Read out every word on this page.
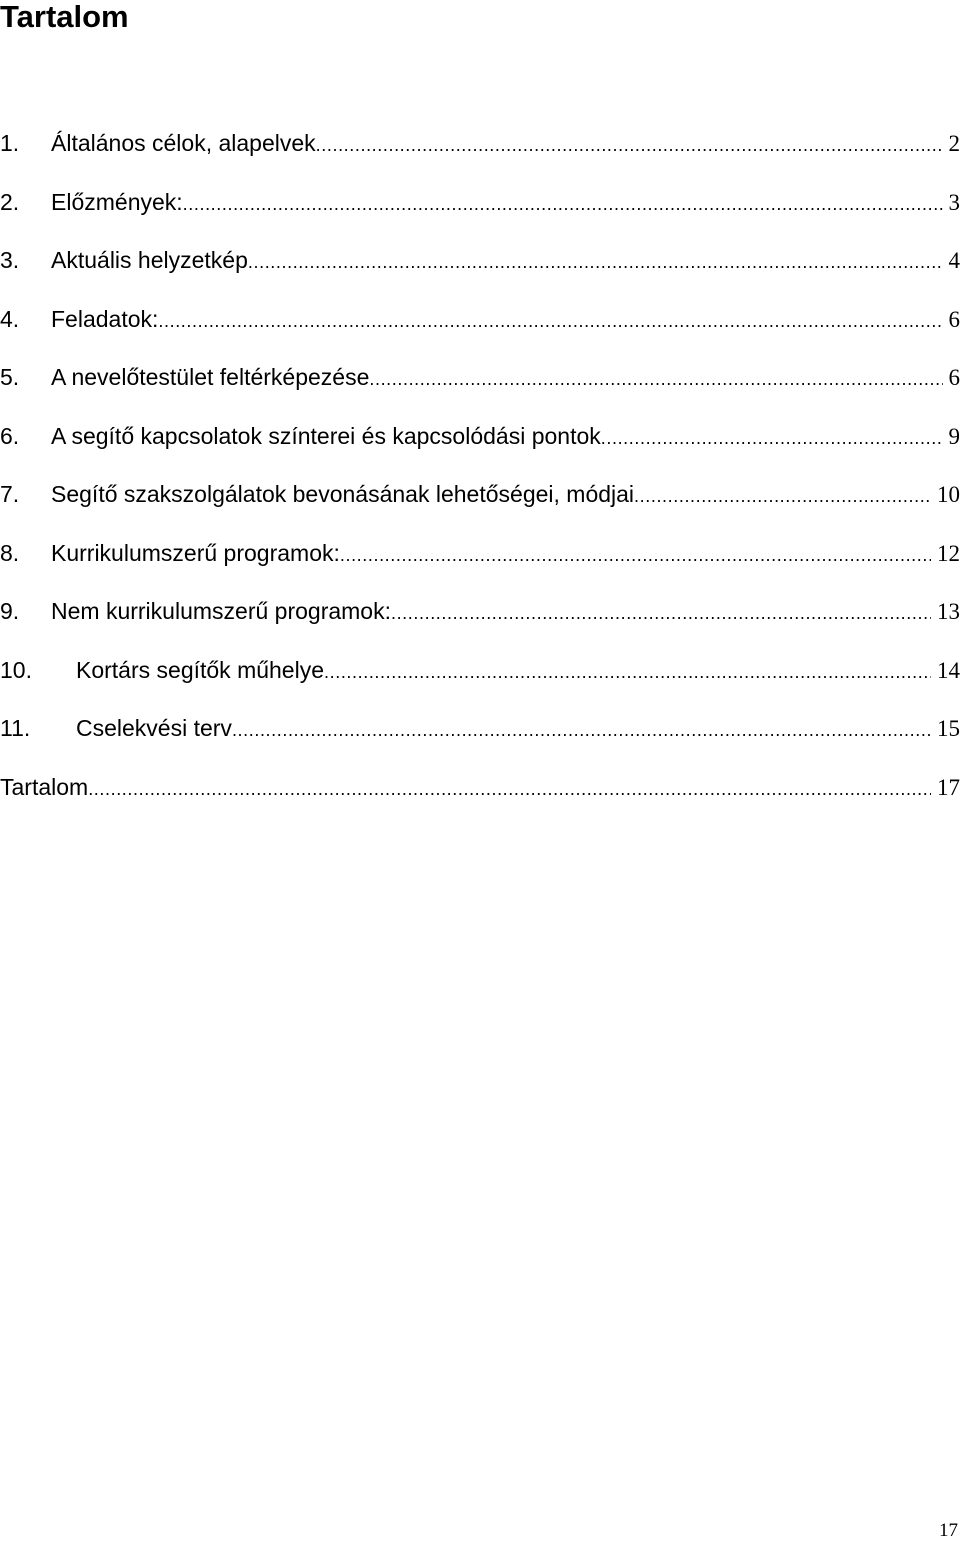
Tartalom
1.	Általános célok, alapelvek .....	2
2.	Előzmények: .....	3
3.	Aktuális helyzetkép .....	4
4.	Feladatok: .....	6
5.	A nevelőtestület feltérképezése .....	6
6.	A segítő kapcsolatok színterei és kapcsolódási pontok .....	9
7.	Segítő szakszolgálatok bevonásának lehetőségei, módjai .....	10
8.	Kurrikulumszerű programok: .....	12
9.	Nem kurrikulumszerű programok: .....	13
10.	Kortárs segítők műhelye .....	14
11.	Cselekvési terv .....	15
Tartalom .....	17
17
